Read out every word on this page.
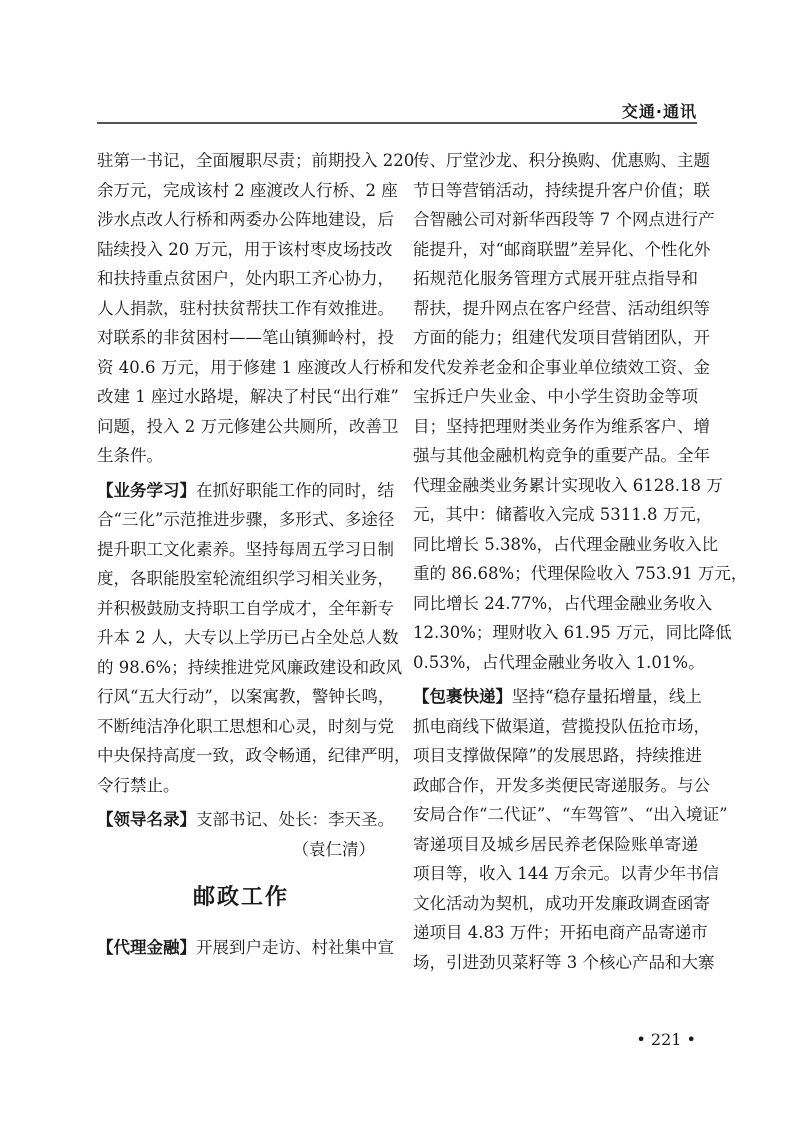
交通·通讯
驻第一书记，全面履职尽责；前期投入 220
余万元，完成该村 2 座渡改人行桥、2 座
涉水点改人行桥和两委办公阵地建设，后
陆续投入 20 万元，用于该村枣皮场技改
和扶持重点贫困户，处内职工齐心协力，
人人捐款，驻村扶贫帮扶工作有效推进。
对联系的非贫困村——笔山镇狮岭村，投
资 40.6 万元，用于修建 1 座渡改人行桥和
改建 1 座过水路堤，解决了村民“出行难”
问题，投入 2 万元修建公共厕所，改善卫
生条件。
【业务学习】在抓好职能工作的同时，结
合“三化”示范推进步骤，多形式、多途径
提升职工文化素养。坚持每周五学习日制
度，各职能股室轮流组织学习相关业务，
并积极鼓励支持职工自学成才，全年新专
升本 2 人，大专以上学历已占全处总人数
的 98.6%；持续推进党风廉政建设和政风
行风“五大行动”，以案寓教，警钟长鸣，
不断纯洁净化职工思想和心灵，时刻与党
中央保持高度一致，政令畅通，纪律严明，
令行禁止。
【领导名录】支部书记、处长：李天圣。
（袁仁清）
邮政工作
【代理金融】开展到户走访、村社集中宣
传、厅堂沙龙、积分换购、优惠购、主题
节日等营销活动，持续提升客户价值；联
合智融公司对新华西段等 7 个网点进行产
能提升，对“邮商联盟”差异化、个性化外
拓规范化服务管理方式展开驻点指导和
帮扶，提升网点在客户经营、活动组织等
方面的能力；组建代发项目营销团队，开
发代发养老金和企事业单位绩效工资、金
宝拆迁户失业金、中小学生资助金等项
目；坚持把理财类业务作为维系客户、增
强与其他金融机构竞争的重要产品。全年
代理金融类业务累计实现收入 6128.18 万
元，其中：储蓄收入完成 5311.8 万元，
同比增长 5.38%，占代理金融业务收入比
重的 86.68%；代理保险收入 753.91 万元，
同比增长 24.77%，占代理金融业务收入
12.30%；理财收入 61.95 万元，同比降低
0.53%，占代理金融业务收入 1.01%。
【包裹快递】坚持“稳存量拓增量，线上
抓电商线下做渠道，营揽投队伍抢市场，
项目支撑做保障”的发展思路，持续推进
政邮合作，开发多类便民寄递服务。与公
安局合作“二代证”、“车驾管”、“出入境证”
寄递项目及城乡居民养老保险账单寄递
项目等，收入 144 万余元。以青少年书信
文化活动为契机，成功开发廉政调查函寄
递项目 4.83 万件；开拓电商产品寄递市
场，引进劲贝菜籽等 3 个核心产品和大寨
• 221 •
